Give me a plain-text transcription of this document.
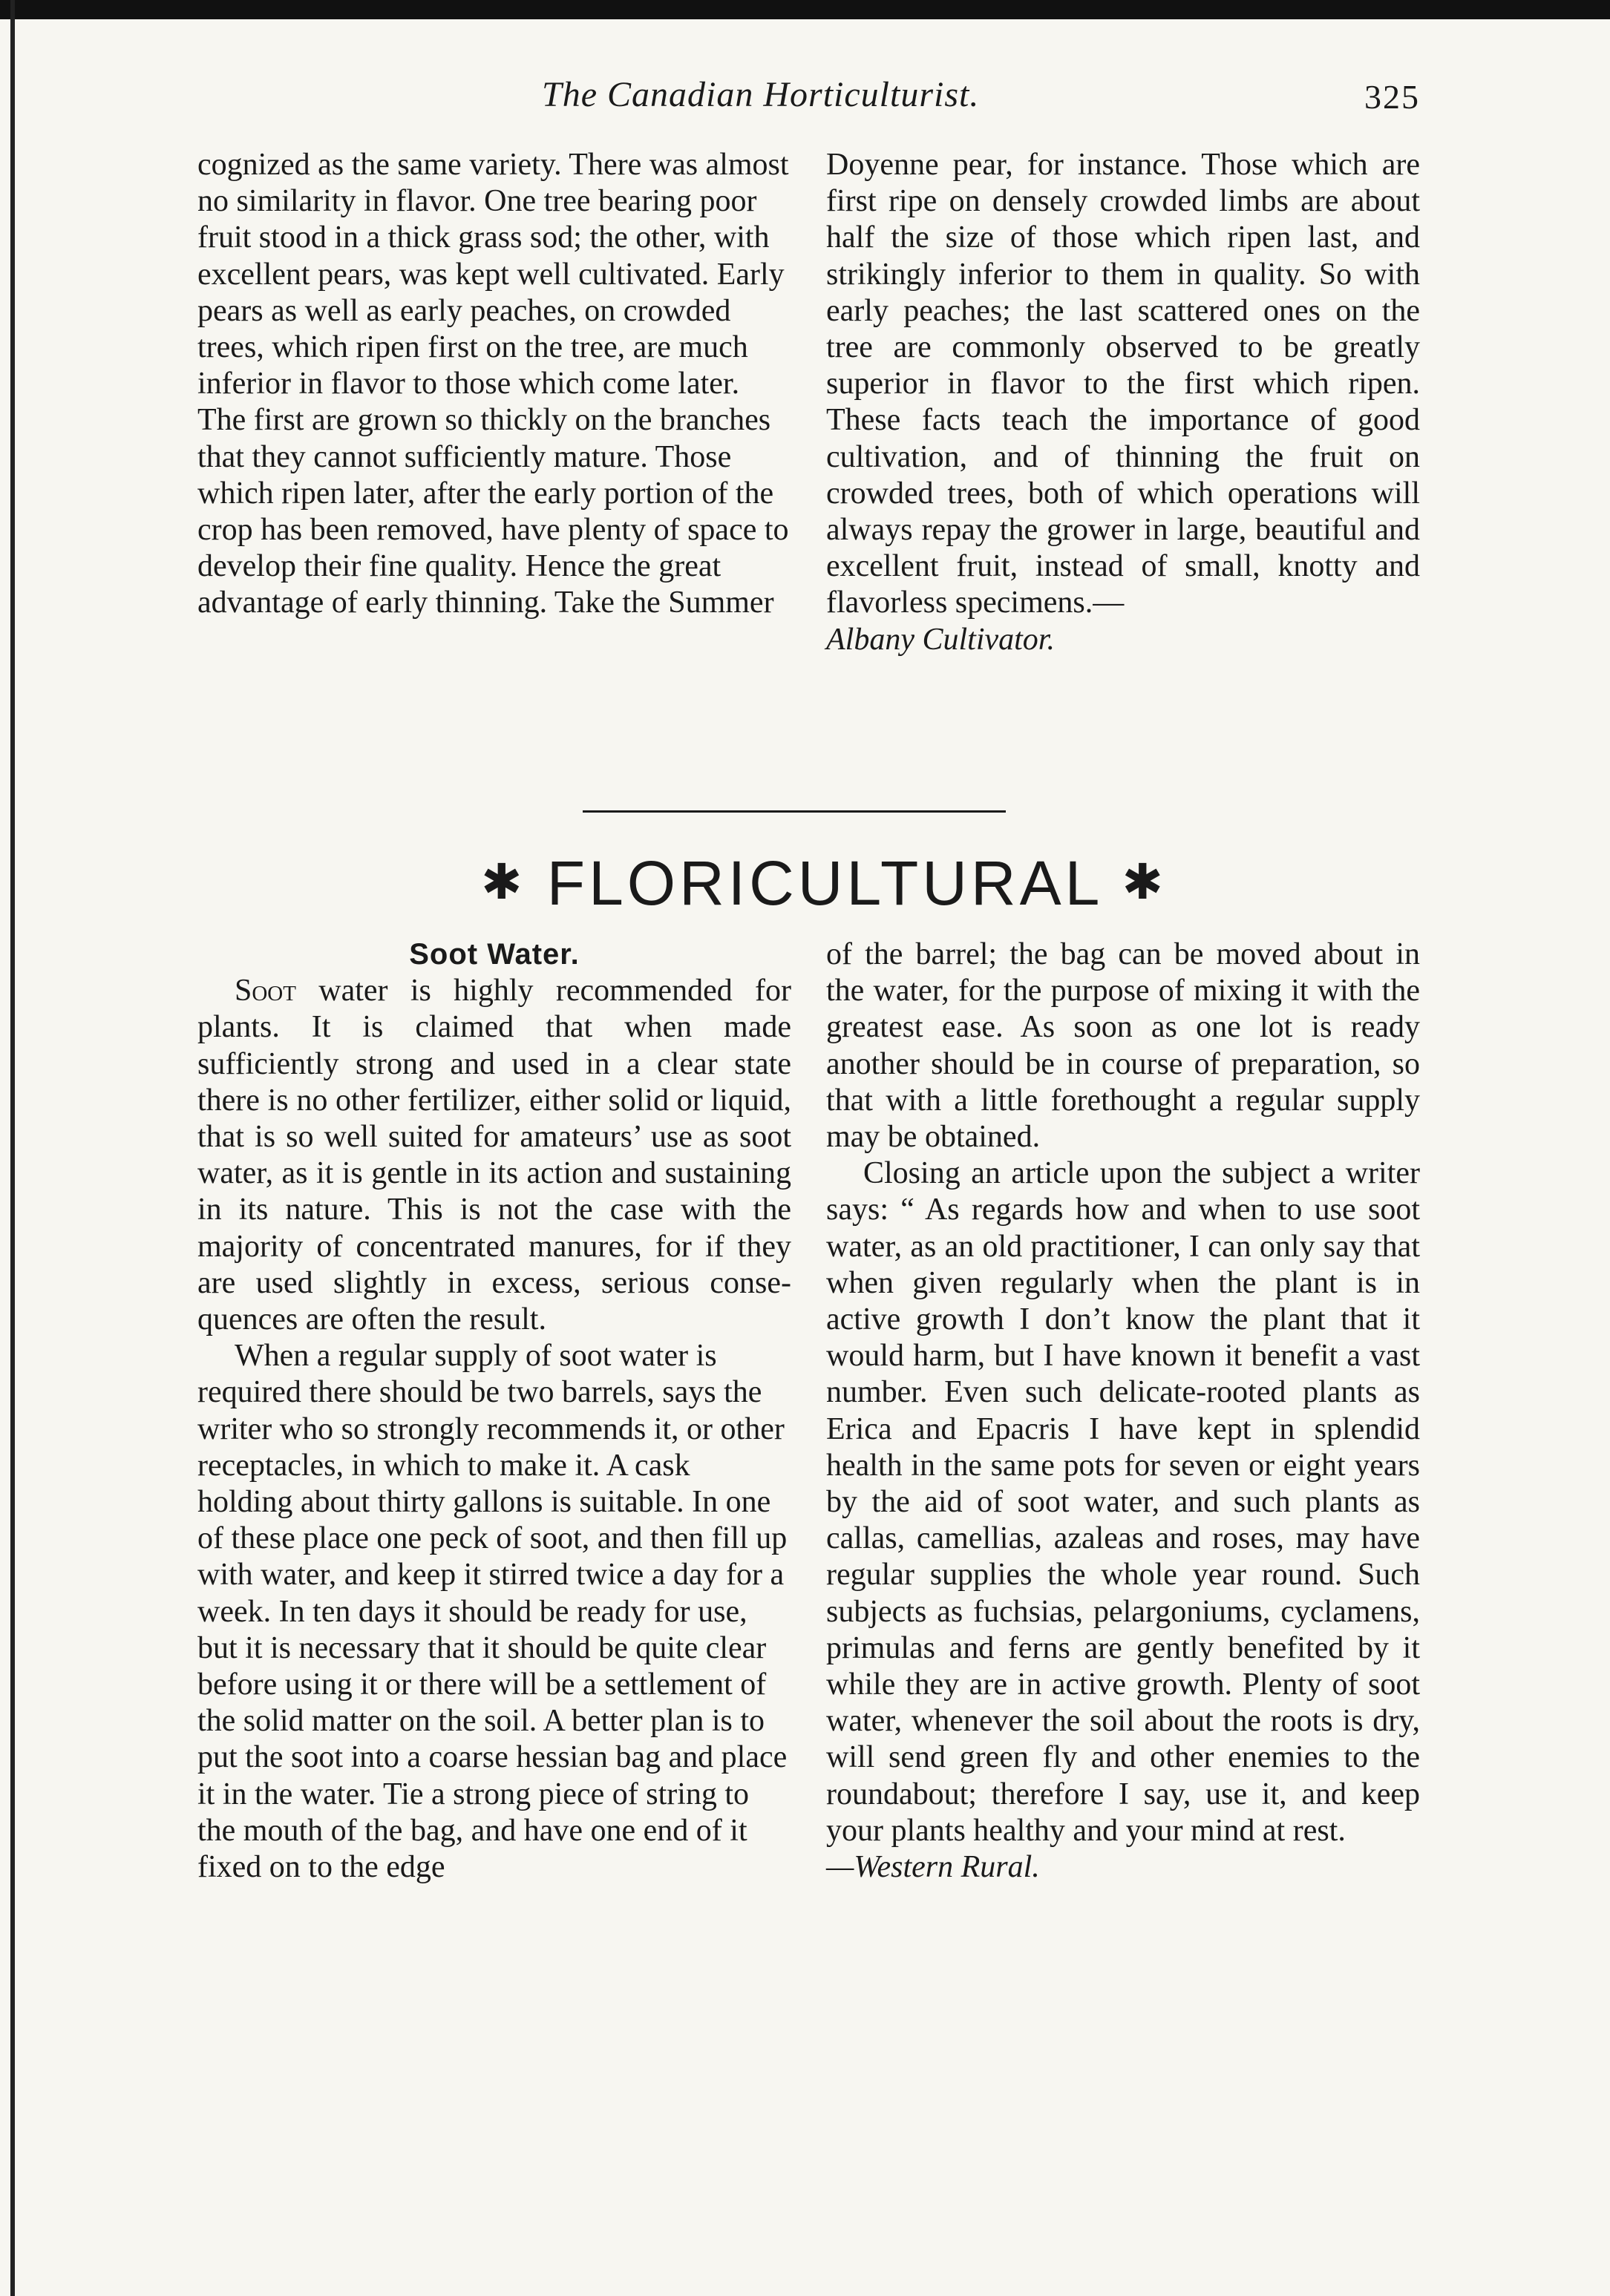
The Canadian Horticulturist.	325

cognized as the same variety. There was almost no similarity in flavor. One tree bearing poor fruit stood in a thick grass sod; the other, with excellent pears, was kept well cultivated. Early pears as well as early peaches, on crowded trees, which ripen first on the tree, are much inferior in flavor to those which come later. The first are grown so thickly on the branches that they cannot sufficiently mature. Those which ripen later, after the early portion of the crop has been removed, have plenty of space to develop their fine quality. Hence the great advantage of early thinning. Take the Summer

Doyenne pear, for instance. Those which are first ripe on densely crowded limbs are about half the size of those which ripen last, and strikingly inferior to them in quality. So with early peaches; the last scattered ones on the tree are commonly observed to be greatly superior in flavor to the first which ripen. These facts teach the importance of good cultivation, and of thinning the fruit on crowded trees, both of which operations will always repay the grower in large, beautiful and excellent fruit, instead of small, knotty and flavorless specimens.—

Albany Cultivator.

✱ FLORICULTURAL ✱

Soot Water.

Soot water is highly recommended for plants. It is claimed that when made sufficiently strong and used in a clear state there is no other fertilizer, either solid or liquid, that is so well suited for amateurs’ use as soot water, as it is gentle in its action and sustaining in its nature. This is not the case with the majority of concentrated manures, for if they are used slightly in excess, serious consequences are often the result.

When a regular supply of soot water is required there should be two barrels, says the writer who so strongly recommends it, or other receptacles, in which to make it. A cask holding about thirty gallons is suitable. In one of these place one peck of soot, and then fill up with water, and keep it stirred twice a day for a week. In ten days it should be ready for use, but it is necessary that it should be quite clear before using it or there will be a settlement of the solid matter on the soil. A better plan is to put the soot into a coarse hessian bag and place it in the water. Tie a strong piece of string to the mouth of the bag, and have one end of it fixed on to the edge

of the barrel; the bag can be moved about in the water, for the purpose of mixing it with the greatest ease. As soon as one lot is ready another should be in course of preparation, so that with a little forethought a regular supply may be obtained.

Closing an article upon the subject a writer says: “ As regards how and when to use soot water, as an old practitioner, I can only say that when given regularly when the plant is in active growth I don’t know the plant that it would harm, but I have known it benefit a vast number. Even such delicate-rooted plants as Erica and Epacris I have kept in splendid health in the same pots for seven or eight years by the aid of soot water, and such plants as callas, camellias, azaleas and roses, may have regular supplies the whole year round. Such subjects as fuchsias, pelargoniums, cyclamens, primulas and ferns are gently benefited by it while they are in active growth. Plenty of soot water, whenever the soil about the roots is dry, will send green fly and other enemies to the roundabout; therefore I say, use it, and keep your plants healthy and your mind at rest.

—Western Rural.
